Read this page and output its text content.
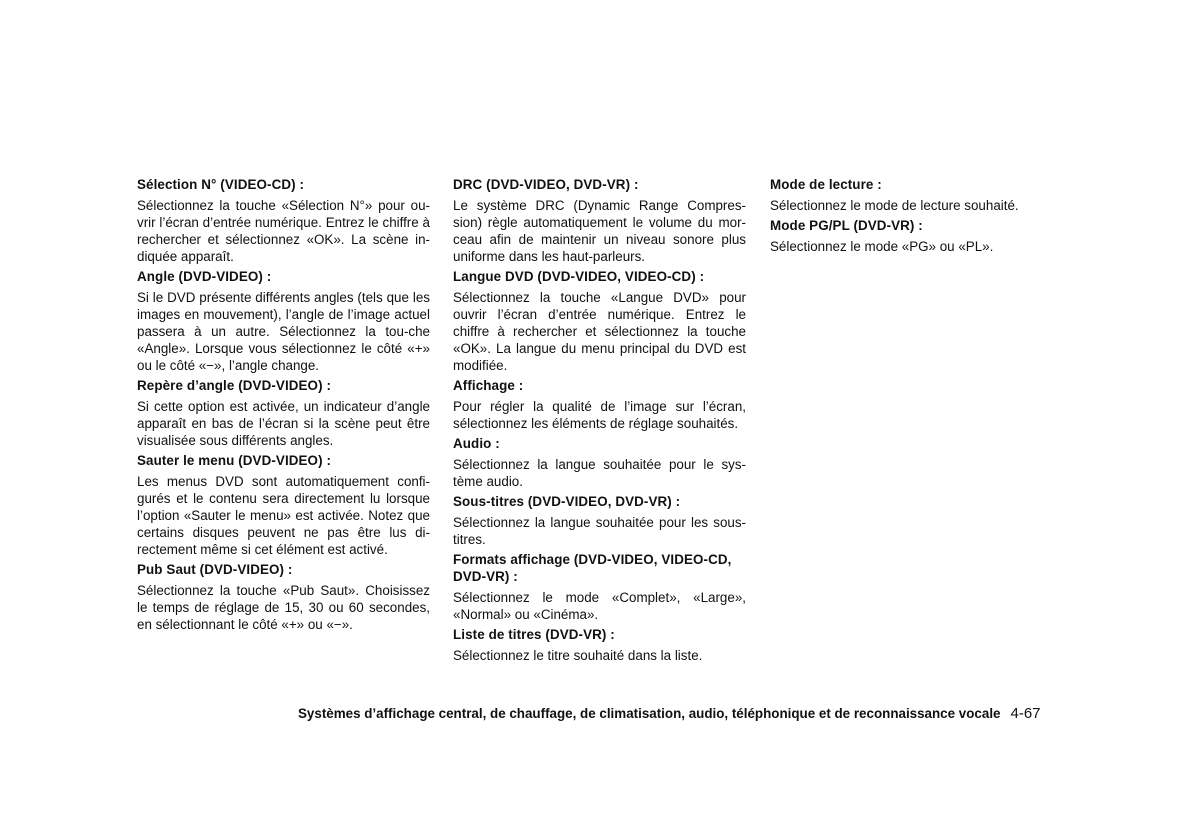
Sélection N° (VIDEO-CD) :

Sélectionnez la touche «Sélection N°» pour ou-vrir l’écran d’entrée numérique. Entrez le chiffre à rechercher et sélectionnez «OK». La scène in-diquée apparaît.

Angle (DVD-VIDEO) :

Si le DVD présente différents angles (tels que les images en mouvement), l’angle de l’image actuel passera à un autre. Sélectionnez la tou-che «Angle». Lorsque vous sélectionnez le côté «+» ou le côté «−», l’angle change.

Repère d’angle (DVD-VIDEO) :

Si cette option est activée, un indicateur d’angle apparaît en bas de l’écran si la scène peut être visualisée sous différents angles.

Sauter le menu (DVD-VIDEO) :

Les menus DVD sont automatiquement confi-gurés et le contenu sera directement lu lorsque l’option «Sauter le menu» est activée. Notez que certains disques peuvent ne pas être lus di-rectement même si cet élément est activé.

Pub Saut (DVD-VIDEO) :

Sélectionnez la touche «Pub Saut». Choisissez le temps de réglage de 15, 30 ou 60 secondes, en sélectionnant le côté «+» ou «−».

DRC (DVD-VIDEO, DVD-VR) :

Le système DRC (Dynamic Range Compres-sion) règle automatiquement le volume du mor-ceau afin de maintenir un niveau sonore plus uniforme dans les haut-parleurs.

Langue DVD (DVD-VIDEO, VIDEO-CD) :

Sélectionnez la touche «Langue DVD» pour ouvrir l’écran d’entrée numérique. Entrez le chiffre à rechercher et sélectionnez la touche «OK». La langue du menu principal du DVD est modifiée.

Affichage :

Pour régler la qualité de l’image sur l’écran, sélectionnez les éléments de réglage souhaités.

Audio :

Sélectionnez la langue souhaitée pour le sys-tème audio.

Sous-titres (DVD-VIDEO, DVD-VR) :

Sélectionnez la langue souhaitée pour les sous-titres.

Formats affichage (DVD-VIDEO, VIDEO-CD, DVD-VR) :

Sélectionnez le mode «Complet», «Large», «Normal» ou «Cinéma».

Liste de titres (DVD-VR) :

Sélectionnez le titre souhaité dans la liste.

Mode de lecture :

Sélectionnez le mode de lecture souhaité.

Mode PG/PL (DVD-VR) :

Sélectionnez le mode «PG» ou «PL».

Systèmes d’affichage central, de chauffage, de climatisation, audio, téléphonique et de reconnaissance vocale 4-67
